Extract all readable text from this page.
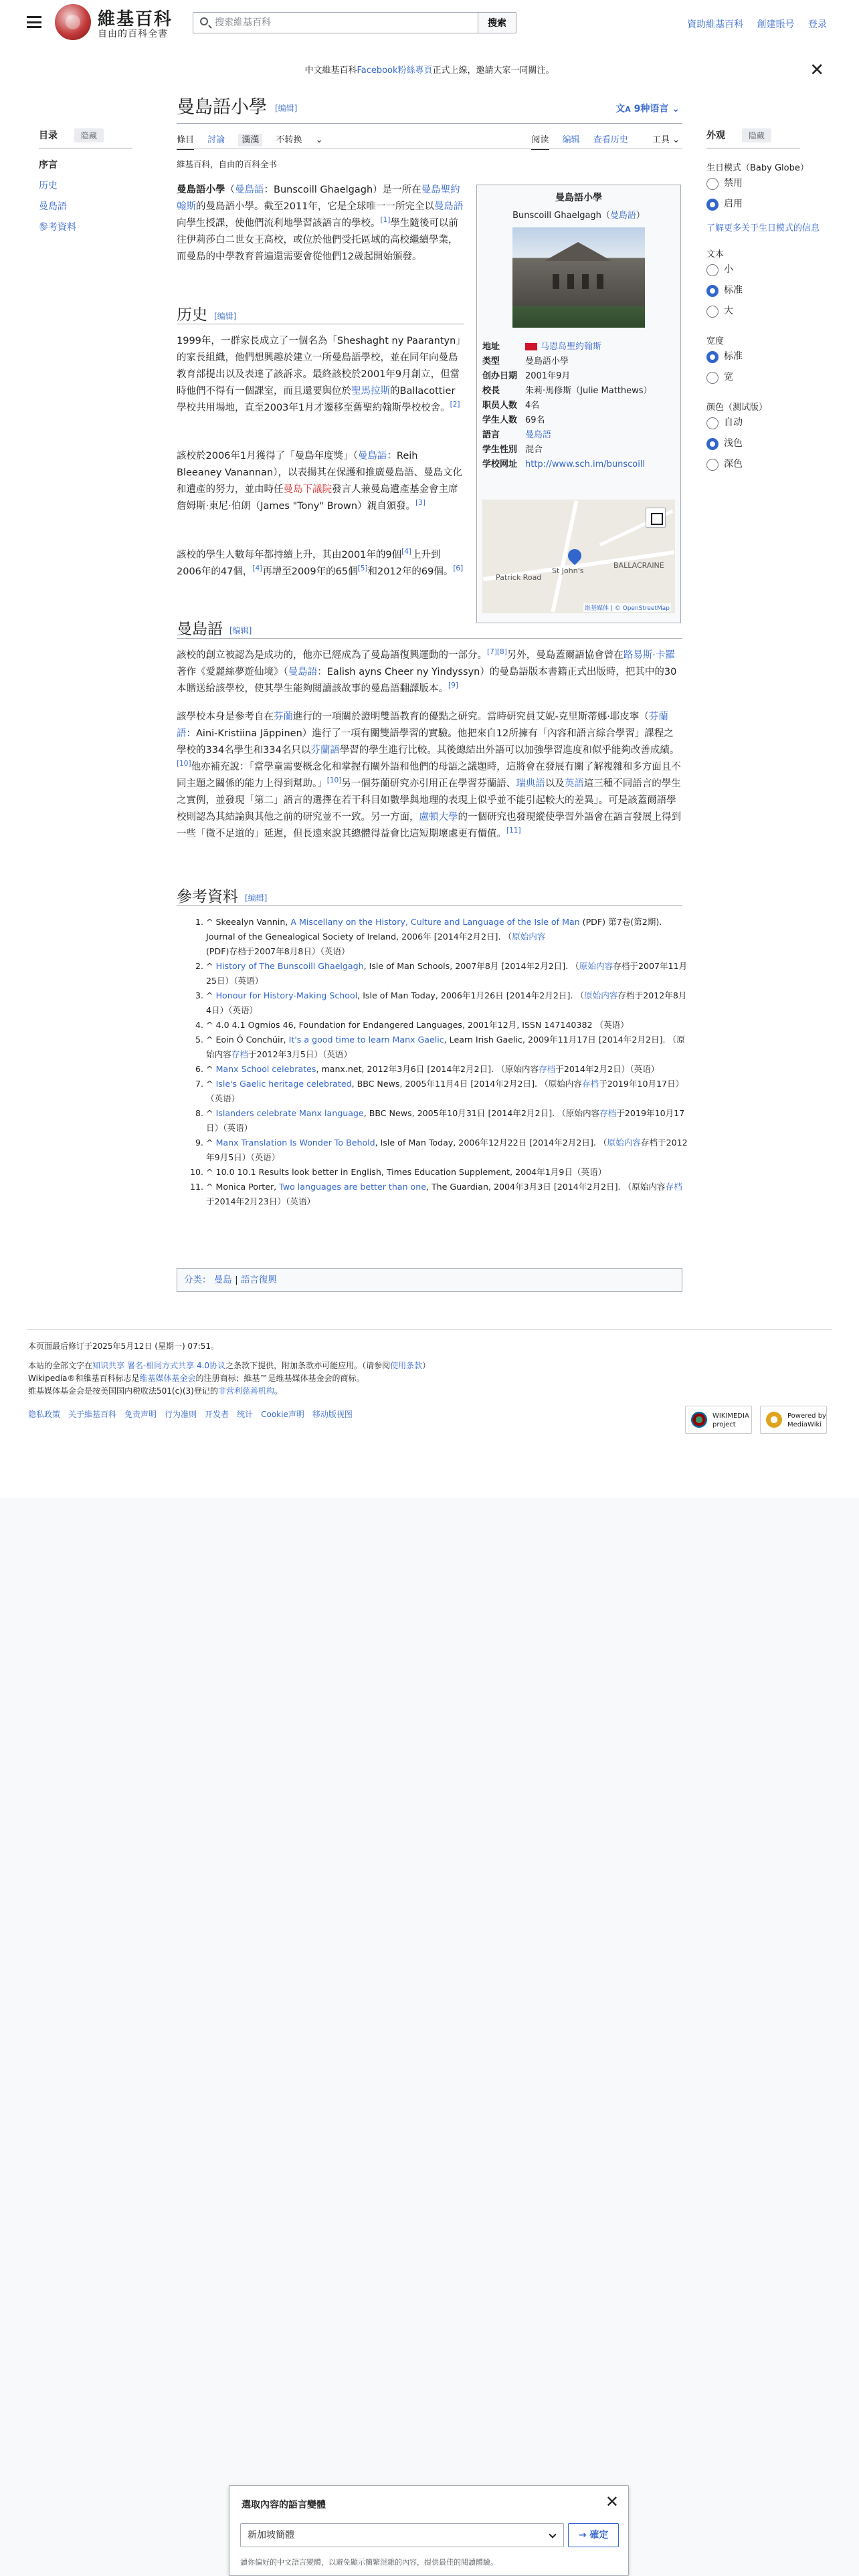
維基百科
自由的百科全書
搜索維基百科
搜索	資助維基百科 創建賬号 登录
中文維基百科Facebook粉絲專頁正式上線，邀請大家一同關注。	✕
目录	隐藏
序言
历史
曼島語
参考資料
曼島語小學 [编辑]	文A 9种语言 ⌄
條目 討論 漢漢 不转换 ⌄	阅读 编辑 查看历史	工具 ⌄
維基百科，自由的百科全书

曼島語小學（曼島語：Bunscoill Ghaelgagh）是一所在曼島聖約翰斯的曼島語小學。截至2011年，它是全球唯一一所完全以曼島語向學生授課，使他們流利地學習該語言的學校。[1]學生隨後可以前往伊莉莎白二世女王高校，或位於他們受托區域的高校繼續學業，而曼島的中學教育普遍還需要會從他們12歲起開始頒發。

历史 [编辑]

1999年，一群家長成立了一個名為「Sheshaght ny Paarantyn」的家長組織，他們想興趣於建立一所曼島語學校，並在同年向曼島教育部提出以及表達了該訴求。最終該校於2001年9月創立，但當時他們不得有一個課室，而且還要與位於聖馬拉斯的Ballacottier學校共用場地，直至2003年1月才遷移至舊聖約翰斯學校校舍。[2]

該校於2006年1月獲得了「曼島年度獎」（曼島語：Reih Bleeaney Vanannan），以表揚其在保護和推廣曼島語、曼島文化和遺產的努力，並由時任曼島下議院發言人兼曼島遺產基金會主席詹姆斯·東尼·伯朗（James "Tony" Brown）親自頒發。[3]

該校的學生人數每年都持續上升，其由2001年的9個[4]上升到2006年的47個，[4]再增至2009年的65個[5]和2012年的69個。[6]

曼島語 [编辑]

該校的創立被認為是成功的，他亦已經成為了曼島語復興運動的一部分。[7][8]另外，曼島蓋爾語協會曾在路易斯·卡羅著作《愛麗絲夢遊仙境》（曼島語：Ealish ayns Cheer ny Yindyssyn）的曼島語版本書籍正式出版時，把其中的30本贈送給該學校，使其學生能夠閱讀該故事的曼島語翻譯版本。[9]

該學校本身是參考自在芬蘭進行的一項關於證明雙語教育的優點之研究。當時研究員艾妮-克里斯蒂娜·耶皮寧（芬蘭語：Aini-Kristiina Jäppinen）進行了一項有關雙語學習的實驗。他把來自12所擁有「內容和語言綜合學習」課程之學校的334名學生和334名只以芬蘭語學習的學生進行比較。其後總結出外語可以加強學習進度和似乎能夠改善成績。[10]他亦補充說：「當學童需要概念化和掌握有關外語和他們的母語之議題時，這將會在發展有關了解複雜和多方面且不同主題之關係的能力上得到幫助。」[10]另一個芬蘭研究亦引用正在學習芬蘭語、瑞典語以及英語這三種不同語言的學生之實例，並發現「第二」語言的選擇在若干科目如數學與地理的表現上似乎並不能引起較大的差異」。可是該蓋爾語學校則認為其結論與其他之前的研究並不一致。另一方面，盧頓大學的一個研究也發現縱使學習外語會在語言發展上得到一些「微不足道的」延遲，但長遠來說其總體得益會比這短期壞處更有價值。[11]

參考資料 [编辑]
1. ^ Skeealyn Vannin, A Miscellany on the History, Culture and Language of the Isle of Man (PDF) 第7卷(第2期). Journal of the Genealogical Society of Ireland, 2006年 [2014年2月2日]. （原始内容 (PDF)存档于2007年8月8日）（英语）
2. ^ History of The Bunscoill Ghaelgagh, Isle of Man Schools, 2007年8月 [2014年2月2日]. （原始内容存档于2007年11月25日）（英语）
3. ^ Honour for History-Making School, Isle of Man Today, 2006年1月26日 [2014年2月2日]. （原始内容存档于2012年8月4日）（英语）
4. ^ 4.0 4.1 Ogmios 46, Foundation for Endangered Languages, 2001年12月, ISSN 147140382 （英语）
5. ^ Eoin Ó Conchúir, It's a good time to learn Manx Gaelic, Learn Irish Gaelic, 2009年11月17日 [2014年2月2日]. （原始内容存档于2012年3月5日）（英语）
6. ^ Manx School celebrates, manx.net, 2012年3月6日 [2014年2月2日]. （原始内容存档于2014年2月2日）（英语）
7. ^ Isle's Gaelic heritage celebrated, BBC News, 2005年11月4日 [2014年2月2日]. （原始内容存档于2019年10月17日）（英语）
8. ^ Islanders celebrate Manx language, BBC News, 2005年10月31日 [2014年2月2日]. （原始内容存档于2019年10月17日）（英语）
9. ^ Manx Translation Is Wonder To Behold, Isle of Man Today, 2006年12月22日 [2014年2月2日]. （原始内容存档于2012年9月5日）（英语）
10. ^ 10.0 10.1 Results look better in English, Times Education Supplement, 2004年1月9日（英语）
11. ^ Monica Porter, Two languages are better than one, The Guardian, 2004年3月3日 [2014年2月2日]. （原始内容存档于2014年2月23日）（英语）
分类： 曼島 | 語言復興
曼島語小學
Bunscoill Ghaelgagh（曼島語）
地址	马恩岛聖約翰斯
类型	曼島語小學
创办日期 2001年9月
校長	朱莉·馬修斯（Julie Matthews）
职员人数 4名
学生人数 69名
語言	曼島語
学生性別 混合
学校网址 http://www.sch.im/bunscoill
BALLACRAINE
St John's
Patrick Road
维基媒体 | © OpenStreetMap
外观	隐藏
生日模式（Baby Globe）
禁用
启用
了解更多关于生日模式的信息
文本
小
标准
大
宽度
标准
宽
颜色（测试版）
自动
浅色
深色
本页面最后修订于2025年5月12日 (星期一) 07:51。
本站的全部文字在知识共享 署名-相同方式共享 4.0协议之条款下提供，附加条款亦可能应用。（请参阅使用条款）
Wikipedia®和維基百科标志是维基媒体基金会的注册商标；維基™是维基媒体基金会的商标。
维基媒体基金会是按美国国内税收法501(c)(3)登记的非营利慈善机构。
隐私政策 关于維基百科 免责声明 行为准则 开发者 统计 Cookie声明 移动版视图	WIKIMEDIA project
Powered by MediaWiki
選取內容的語言變體	✕
新加坡簡體	→ 確定
讀你偏好的中文語言變體，以避免顯示簡繁混雜的內容，提供最佳的閱讀體驗。
